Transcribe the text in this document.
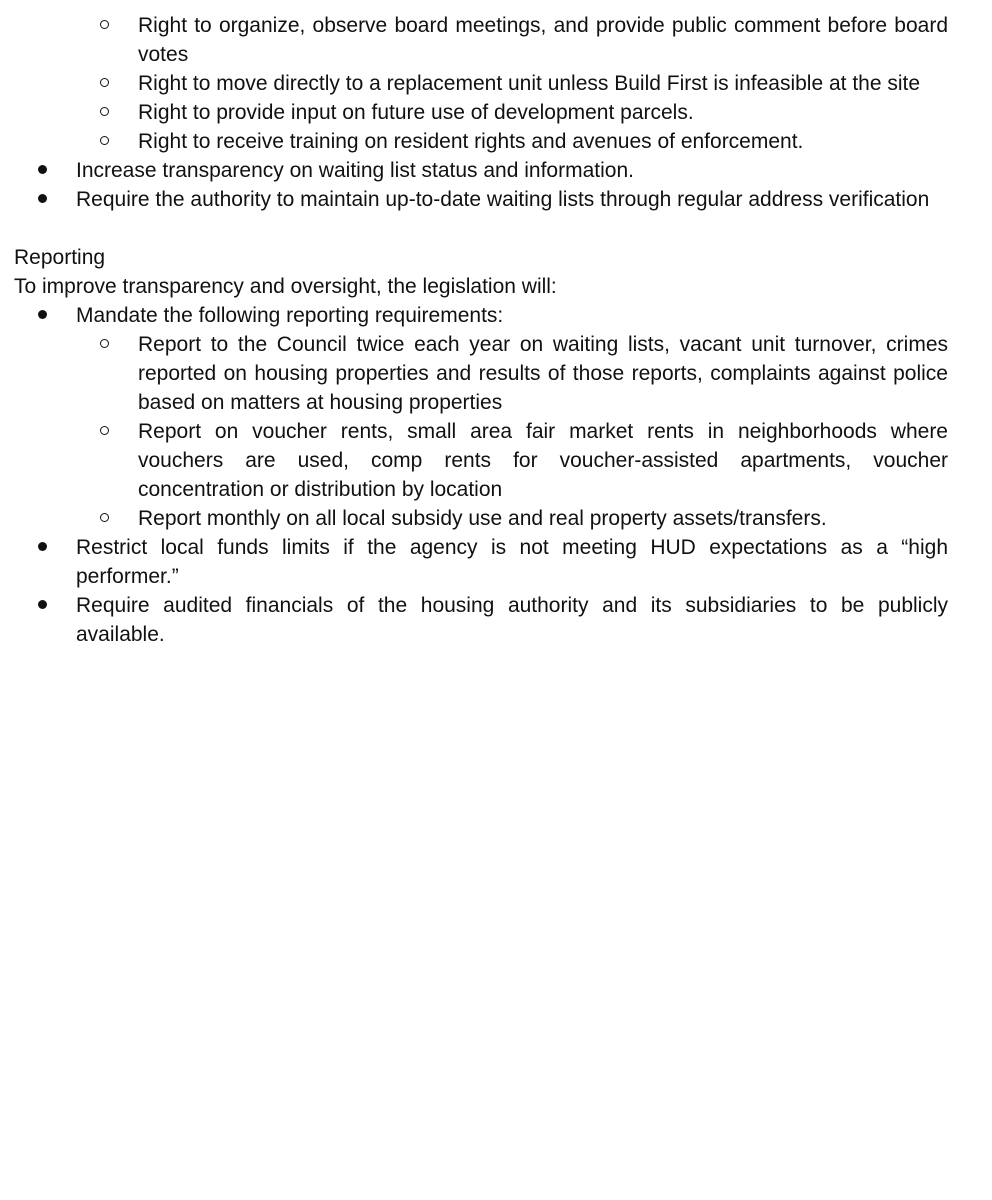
Right to organize, observe board meetings, and provide public comment before board votes
Right to move directly to a replacement unit unless Build First is infeasible at the site
Right to provide input on future use of development parcels.
Right to receive training on resident rights and avenues of enforcement.
Increase transparency on waiting list status and information.
Require the authority to maintain up-to-date waiting lists through regular address verification
Reporting
To improve transparency and oversight, the legislation will:
Mandate the following reporting requirements:
Report to the Council twice each year on waiting lists, vacant unit turnover, crimes reported on housing properties and results of those reports, complaints against police based on matters at housing properties
Report on voucher rents, small area fair market rents in neighborhoods where vouchers are used, comp rents for voucher-assisted apartments, voucher concentration or distribution by location
Report monthly on all local subsidy use and real property assets/transfers.
Restrict local funds limits if the agency is not meeting HUD expectations as a “high performer.”
Require audited financials of the housing authority and its subsidiaries to be publicly available.
